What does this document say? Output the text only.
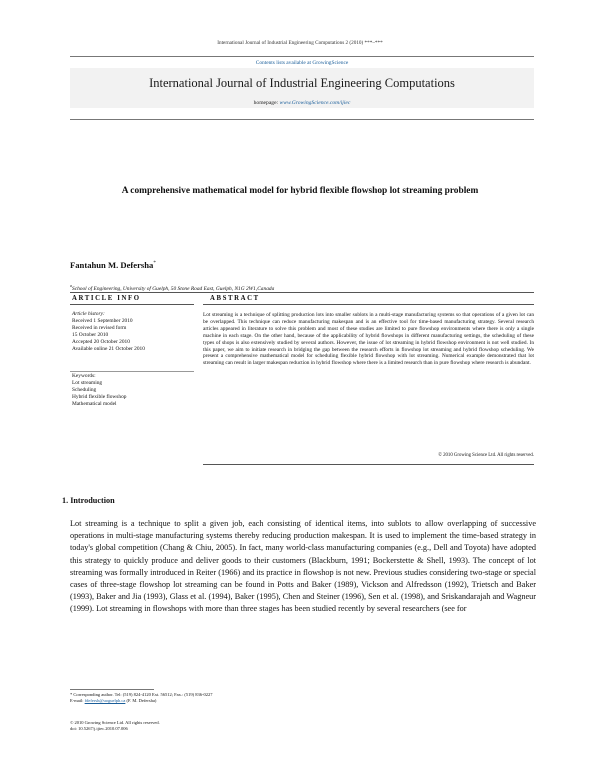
International Journal of Industrial Engineering Computations 2 (2010) ***–***
Contents lists available at GrowingScience
International Journal of Industrial Engineering Computations
homepage: www.GrowingScience.com/ijiec
A comprehensive mathematical model for hybrid flexible flowshop lot streaming problem
Fantahun M. Defersha*
$^a$School of Engineering, University of Guelph, 50 Stone Road East, Guelph, N1G 2W1,Canada
ARTICLE INFO	ABSTRACT
Article history:
Received 1 September 2010
Received in revised form
15 October 2010
Accepted 20 October 2010
Available online 21 October 2010
Keywords:
Lot streaming
Scheduling
Hybrid flexible flowshop
Mathematical model
Lot streaming is a technique of splitting production lots into smaller sublots in a multi-stage manufacturing systems so that operations of a given lot can be overlapped. This technique can reduce manufacturing makespan and is an effective tool for time-based manufacturing strategy. Several research articles appeared in literature to solve this problem and most of these studies are limited to pure flowshop environments where there is only a single machine in each stage. On the other hand, because of the applicability of hybrid flowshops in different manufacturing settings, the scheduling of these types of shops is also extensively studied by several authors. However, the issue of lot streaming in hybrid flowshop environment is not well studied. In this paper, we aim to initiate research in bridging the gap between the research efforts in flowshop lot streaming and hybrid flowshop scheduling. We present a comprehensive mathematical model for scheduling flexible hybrid flowshop with lot streaming. Numerical example demonstrated that lot streaming can result in larger makespan reduction in hybrid flowshop where there is a limited research than in pure flowshop where research is abundant.
© 2010 Growing Science Ltd. All rights reserved.
1. Introduction
Lot streaming is a technique to split a given job, each consisting of identical items, into sublots to allow overlapping of successive operations in multi-stage manufacturing systems thereby reducing production makespan. It is used to implement the time-based strategy in today's global competition (Chang & Chiu, 2005). In fact, many world-class manufacturing companies (e.g., Dell and Toyota) have adopted this strategy to quickly produce and deliver goods to their customers (Blackburn, 1991; Bockerstette & Shell, 1993). The concept of lot streaming was formally introduced in Reiter (1966) and its practice in flowshop is not new. Previous studies considering two-stage or special cases of three-stage flowshop lot streaming can be found in Potts and Baker (1989), Vickson and Alfredsson (1992), Trietsch and Baker (1993), Baker and Jia (1993), Glass et al. (1994), Baker (1995), Chen and Steiner (1996), Sen et al. (1998), and Sriskandarajah and Wagneur (1999). Lot streaming in flowshops with more than three stages has been studied recently by several researchers (see for
* Corresponding author. Tel: (519) 824-4120 Ext. 56512; Fax.: (519) 836-0227
E-mail: fdefersh@uoguelph.ca (F. M. Defersha)
© 2010 Growing Science Ltd. All rights reserved.
doi: 10.5267/j.ijiec.2010.07.006
